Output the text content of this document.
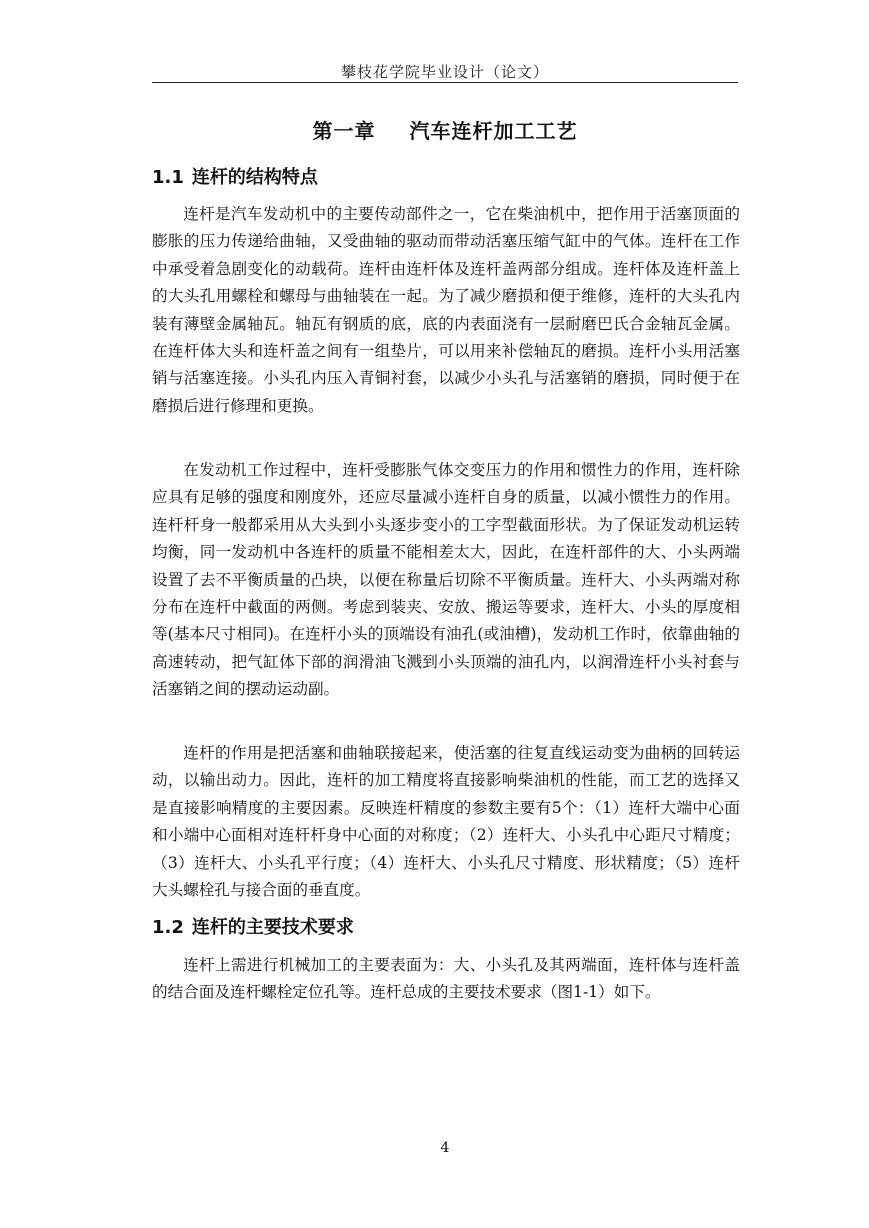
攀枝花学院毕业设计（论文）
第一章 汽车连杆加工工艺
1.1 连杆的结构特点

连杆是汽车发动机中的主要传动部件之一，它在柴油机中，把作用于活塞顶面的膨胀的压力传递给曲轴，又受曲轴的驱动而带动活塞压缩气缸中的气体。连杆在工作中承受着急剧变化的动载荷。连杆由连杆体及连杆盖两部分组成。连杆体及连杆盖上的大头孔用螺栓和螺母与曲轴装在一起。为了减少磨损和便于维修，连杆的大头孔内装有薄壁金属轴瓦。轴瓦有钢质的底，底的内表面浇有一层耐磨巴氏合金轴瓦金属。在连杆体大头和连杆盖之间有一组垫片，可以用来补偿轴瓦的磨损。连杆小头用活塞销与活塞连接。小头孔内压入青铜衬套，以减少小头孔与活塞销的磨损，同时便于在磨损后进行修理和更换。

在发动机工作过程中，连杆受膨胀气体交变压力的作用和惯性力的作用，连杆除应具有足够的强度和刚度外，还应尽量减小连杆自身的质量，以减小惯性力的作用。连杆杆身一般都采用从大头到小头逐步变小的工字型截面形状。为了保证发动机运转均衡，同一发动机中各连杆的质量不能相差太大，因此，在连杆部件的大、小头两端设置了去不平衡质量的凸块，以便在称量后切除不平衡质量。连杆大、小头两端对称分布在连杆中截面的两侧。考虑到装夹、安放、搬运等要求，连杆大、小头的厚度相等(基本尺寸相同)。在连杆小头的顶端设有油孔(或油槽)，发动机工作时，依靠曲轴的高速转动，把气缸体下部的润滑油飞溅到小头顶端的油孔内，以润滑连杆小头衬套与活塞销之间的摆动运动副。

连杆的作用是把活塞和曲轴联接起来，使活塞的往复直线运动变为曲柄的回转运动，以输出动力。因此，连杆的加工精度将直接影响柴油机的性能，而工艺的选择又是直接影响精度的主要因素。反映连杆精度的参数主要有5个：（1）连杆大端中心面和小端中心面相对连杆杆身中心面的对称度；（2）连杆大、小头孔中心距尺寸精度；（3）连杆大、小头孔平行度；（4）连杆大、小头孔尺寸精度、形状精度；（5）连杆大头螺栓孔与接合面的垂直度。

1.2 连杆的主要技术要求

连杆上需进行机械加工的主要表面为：大、小头孔及其两端面，连杆体与连杆盖的结合面及连杆螺栓定位孔等。连杆总成的主要技术要求（图1-1）如下。

4
